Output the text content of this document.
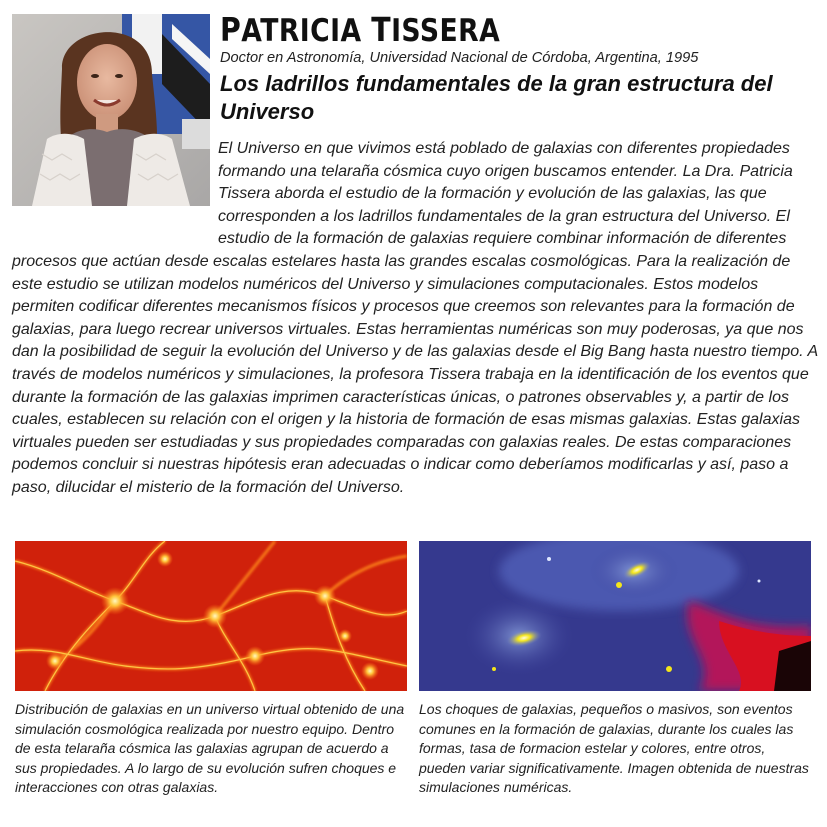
PATRICIA TISSERA
Doctor en Astronomía, Universidad Nacional de Córdoba, Argentina, 1995
Los ladrillos fundamentales de la gran estructura del Universo

El Universo en que vivimos está poblado de galaxias con diferentes propiedades formando una telaraña cósmica cuyo origen buscamos entender. La Dra. Patricia Tissera aborda el estudio de la formación y evolución de las galaxias, las que corresponden a los ladrillos fundamentales de la gran estructura del Universo. El estudio de la formación de galaxias requiere combinar información de diferentes procesos que actúan desde escalas estelares hasta las grandes escalas cosmológicas. Para la realización de este estudio se utilizan modelos numéricos del Universo y simulaciones computacionales. Estos modelos permiten codificar diferentes mecanismos físicos y procesos que creemos son relevantes para la formación de galaxias, para luego recrear universos virtuales. Estas herramientas numéricas son muy poderosas, ya que nos dan la posibilidad de seguir la evolución del Universo y de las galaxias desde el Big Bang hasta nuestro tiempo. A través de modelos numéricos y simulaciones, la profesora Tissera trabaja en la identificación de los eventos que durante la formación de las galaxias imprimen características únicas, o patrones observables y, a partir de los cuales, establecen su relación con el origen y la historia de formación de esas mismas galaxias. Estas galaxias virtuales pueden ser estudiadas y sus propiedades comparadas con galaxias reales. De estas comparaciones podemos concluir si nuestras hipótesis eran adecuadas o indicar como deberíamos modificarlas y así, paso a paso, dilucidar el misterio de la formación del Universo.

Distribución de galaxias en un universo virtual obtenido de una simulación cosmológica realizada por nuestro equipo. Dentro de esta telaraña cósmica las galaxias agrupan de acuerdo a sus propiedades. A lo largo de su evolución sufren choques e interacciones con otras galaxias.
Los choques de galaxias, pequeños o masivos, son eventos comunes en la formación de galaxias, durante los cuales las formas, tasa de formacion estelar y colores, entre otros, pueden variar significativamente. Imagen obtenida de nuestras simulaciones numéricas.
